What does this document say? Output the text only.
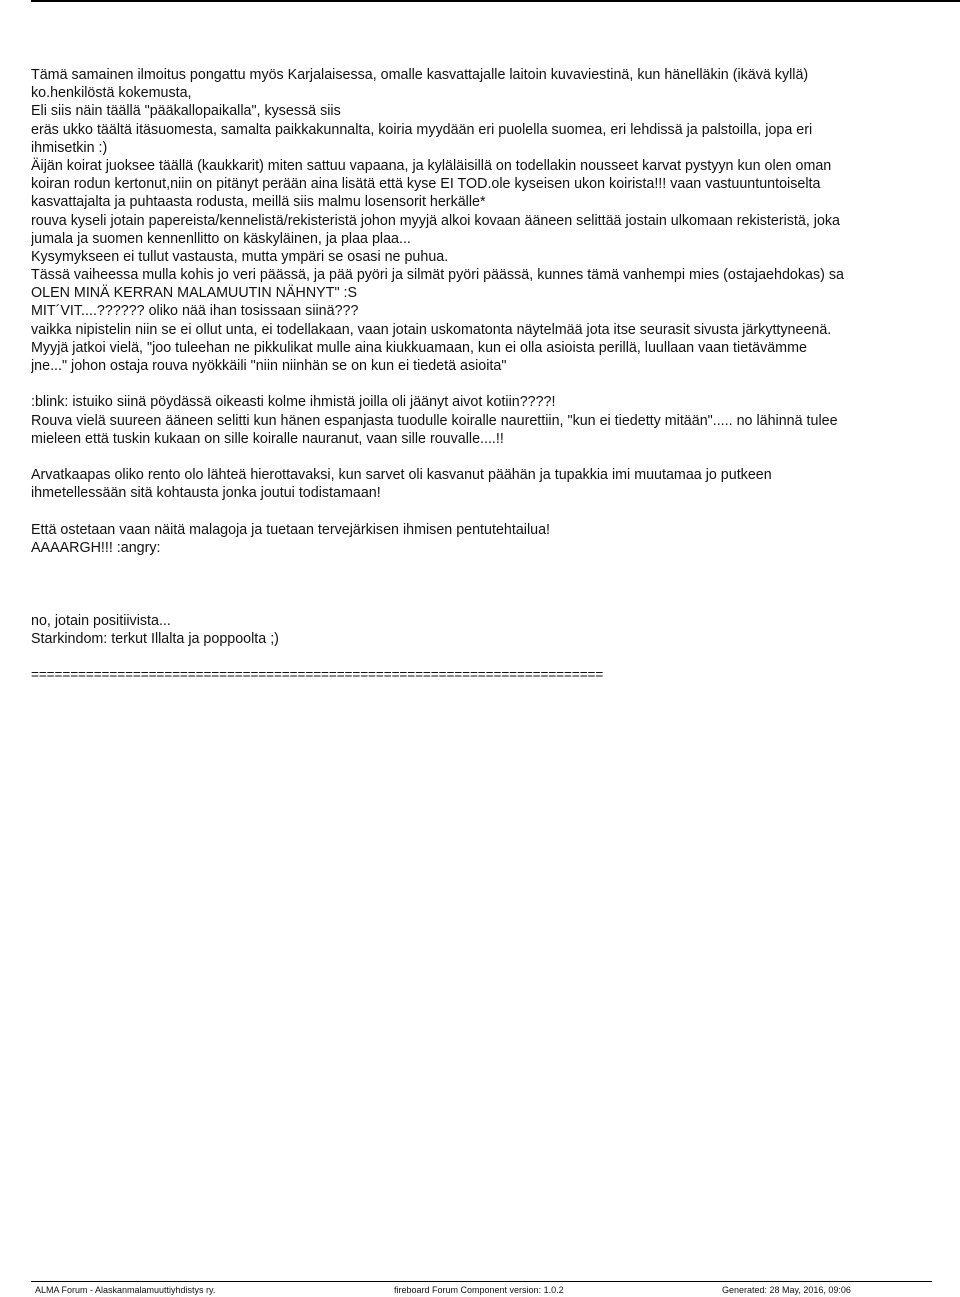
Tämä samainen ilmoitus pongattu myös Karjalaisessa, omalle kasvattajalle laitoin kuvaviestinä, kun hänelläkin (ikävä kyllä)
ko.henkilöstä kokemusta,
Eli siis näin täällä "pääkallopaikalla", kysessä siis
eräs ukko täältä itäsuomesta, samalta paikkakunnalta, koiria myydään eri puolella suomea, eri lehdissä ja palstoilla, jopa eri
ihmisetkin :)
Äijän koirat juoksee täällä (kaukkarit) miten sattuu vapaana, ja kyläläisillä on todellakin nousseet karvat pystyyn kun olen oman
koiran rodun kertonut,niin on pitänyt perään aina lisätä että kyse EI TOD.ole kyseisen ukon koirista!!! vaan vastuuntuntoiselta
kasvattajalta ja puhtaasta rodusta, meillä siis malmu losensorit herkälle*
rouva kyseli jotain papereista/kennelistä/rekisteristä johon myyjä alkoi kovaan ääneen selittää jostain ulkomaan rekisteristä, joka
jumala ja suomen kennenllitto on käskyläinen, ja plaa plaa...
Kysymykseen ei tullut vastausta, mutta ympäri se osasi ne puhua.
Tässä vaiheessa mulla kohis jo veri päässä, ja pää pyöri ja silmät pyöri päässä, kunnes tämä vanhempi mies (ostajaehdokas) sa
OLEN MINÄ KERRAN MALAMUUTIN NÄHNYT" :S
MIT´VIT....?????? oliko nää ihan tosissaan siinä???
vaikka nipistelin niin se ei ollut unta, ei todellakaan, vaan jotain uskomatonta näytelmää jota itse seurasit sivusta järkyttyneenä.
Myyjä jatkoi vielä, "joo tuleehan ne pikkulikat mulle aina kiukkuamaan, kun ei olla asioista perillä, luullaan vaan tietävämme
jne..." johon ostaja rouva nyökkäili "niin niinhän se on kun ei tiedetä asioita"
:blink: istuiko siinä pöydässä oikeasti kolme ihmistä joilla oli jäänyt aivot kotiin????!
Rouva vielä suureen ääneen selitti kun hänen espanjasta tuodulle koiralle naurettiin, "kun ei tiedetty mitään"..... no lähinnä tulee
mieleen että tuskin kukaan on sille koiralle nauranut, vaan sille rouvalle....!!
Arvatkaapas oliko rento olo lähteä hierottavaksi, kun sarvet oli kasvanut päähän ja tupakkia imi muutamaa jo putkeen
ihmetellessään sitä kohtausta jonka joutui todistamaan!
Että ostetaan vaan näitä malagoja ja tuetaan tervejärkisen ihmisen pentutehtailua!
AAAARGH!!! :angry:
no, jotain positiivista...
Starkindom: terkut Illalta ja poppoolta ;)
=========================================================================
ALMA Forum - Alaskanmalamuuttiyhdistys ry.	fireboard Forum Component version: 1.0.2	Generated: 28 May, 2016, 09:06
